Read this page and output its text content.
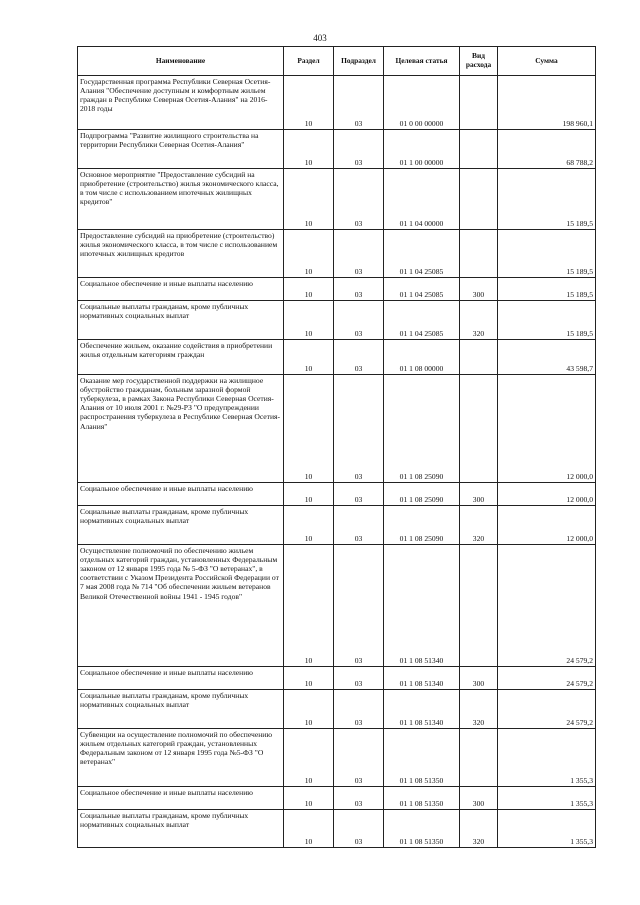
403
Наименование	Раздел	Подраздел	Целевая статья	Вид расхода	Сумма
Государственная программа Республики Северная Осетия-Алания "Обеспечение доступным и комфортным жильем граждан в Республике Северная Осетия-Алания" на 2016-2018 годы	10	03	01 0 00 00000		198 960,1
Подпрограмма "Развитие жилищного строительства на территории Республики Северная Осетия-Алания"	10	03	01 1 00 00000		68 788,2
Основное мероприятие "Предоставление субсидий на приобретение (строительство) жилья экономического класса, в том числе с использованием ипотечных жилищных кредитов"	10	03	01 1 04 00000		15 189,5
Предоставление субсидий на приобретение (строительство) жилья экономического класса, в том числе с использованием ипотечных жилищных кредитов	10	03	01 1 04 25085		15 189,5
Социальное обеспечение и иные выплаты населению	10	03	01 1 04 25085	300	15 189,5
Социальные выплаты гражданам, кроме публичных нормативных социальных выплат	10	03	01 1 04 25085	320	15 189,5
Обеспечение жильем, оказание содействия в приобретении жилья отдельным категориям граждан	10	03	01 1 08 00000		43 598,7
Оказание мер государственной поддержки на жилищное обустройство гражданам, больным заразной формой туберкулеза, в рамках Закона Республики Северная Осетия-Алания от 10 июля 2001 г. №29-РЗ "О предупреждении распространения туберкулеза в Республике Северная Осетия-Алания"	10	03	01 1 08 25090		12 000,0
Социальное обеспечение и иные выплаты населению	10	03	01 1 08 25090	300	12 000,0
Социальные выплаты гражданам, кроме публичных нормативных социальных выплат	10	03	01 1 08 25090	320	12 000,0
Осуществление полномочий по обеспечению жильем отдельных категорий граждан, установленных Федеральным законом от 12 января 1995 года № 5-ФЗ "О ветеранах", в соответствии с Указом Президента Российской Федерации от 7 мая 2008 года № 714 "Об обеспечении жильем ветеранов Великой Отечественной войны 1941 - 1945 годов"	10	03	01 1 08 51340		24 579,2
Социальное обеспечение и иные выплаты населению	10	03	01 1 08 51340	300	24 579,2
Социальные выплаты гражданам, кроме публичных нормативных социальных выплат	10	03	01 1 08 51340	320	24 579,2
Субвенции на осуществление полномочий по обеспечению жильем отдельных категорий граждан, установленных Федеральным законом от 12 января 1995 года №5-ФЗ "О ветеранах"	10	03	01 1 08 51350		1 355,3
Социальное обеспечение и иные выплаты населению	10	03	01 1 08 51350	300	1 355,3
Социальные выплаты гражданам, кроме публичных нормативных социальных выплат	10	03	01 1 08 51350	320	1 355,3
